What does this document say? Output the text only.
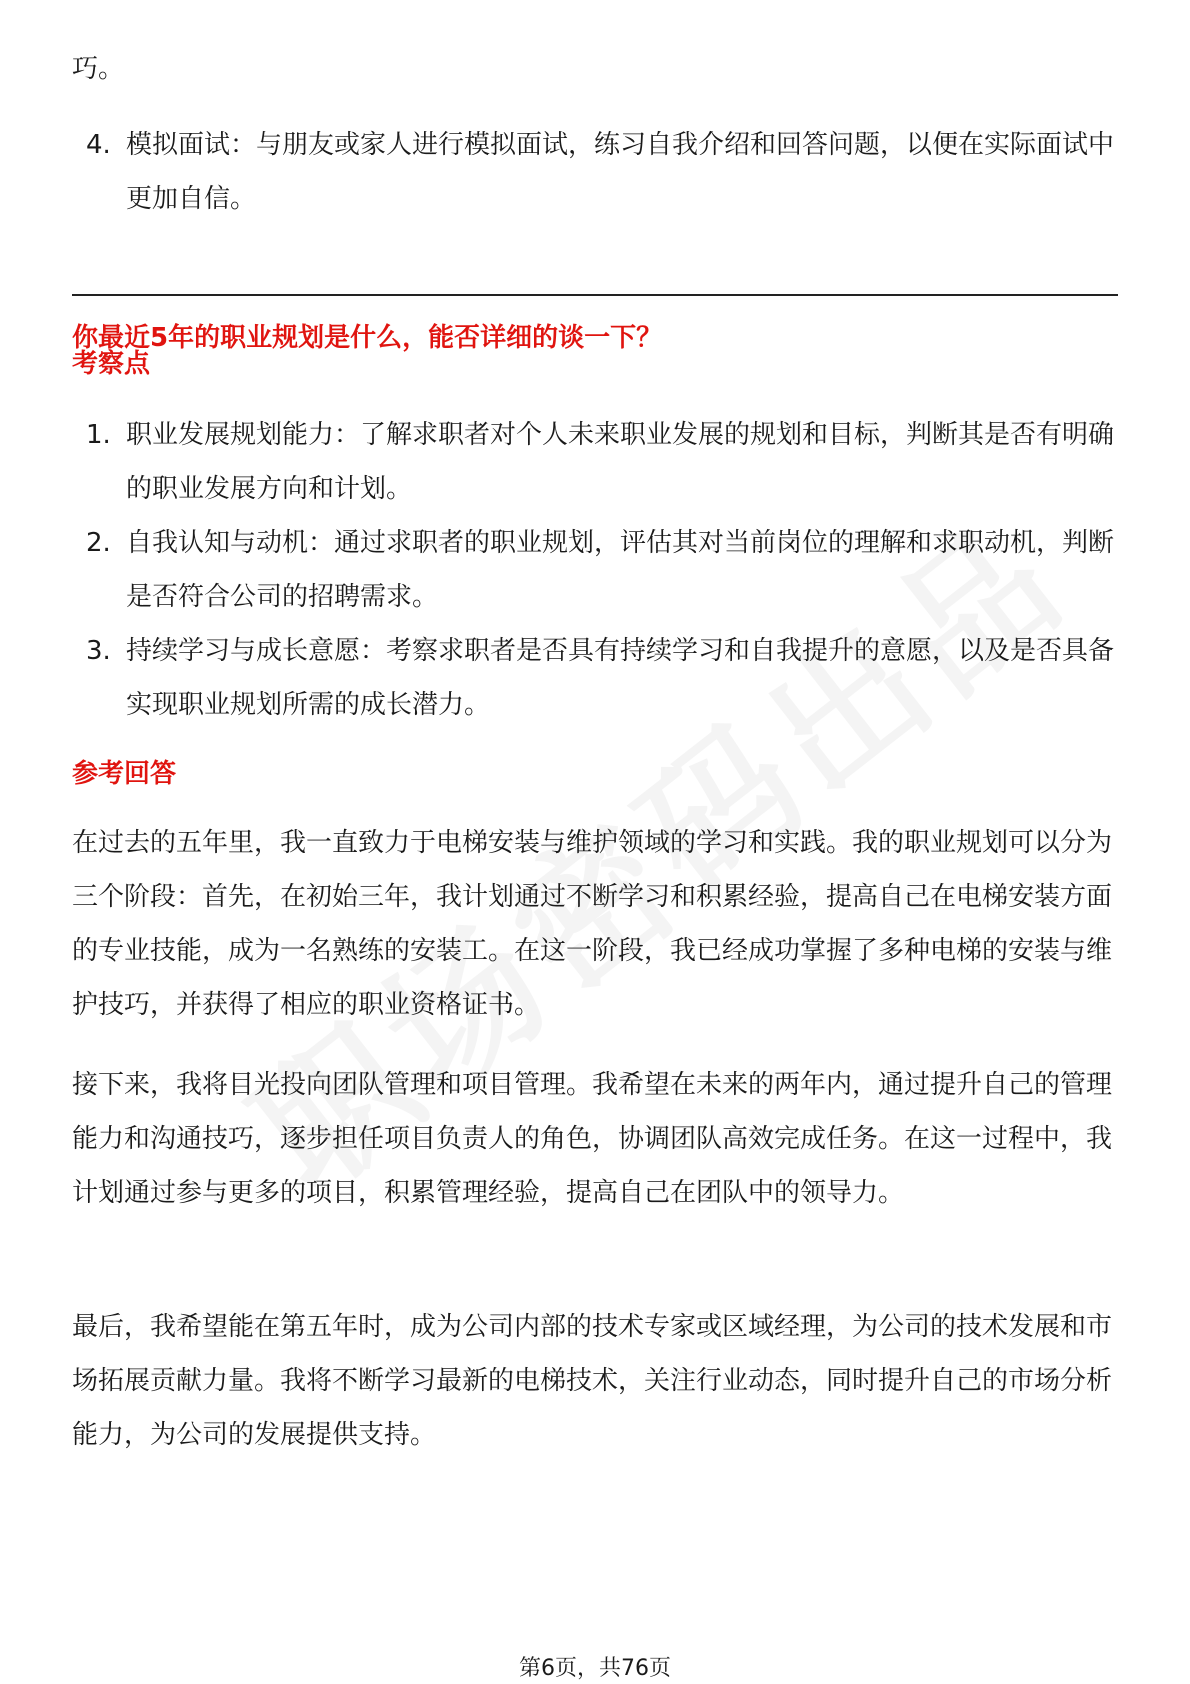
巧。

4. 模拟面试：与朋友或家人进行模拟面试，练习自我介绍和回答问题，以便在实际面试中更加自信。
你最近5年的职业规划是什么，能否详细的谈一下？
考察点
1. 职业发展规划能力：了解求职者对个人未来职业发展的规划和目标，判断其是否有明确的职业发展方向和计划。
2. 自我认知与动机：通过求职者的职业规划，评估其对当前岗位的理解和求职动机，判断是否符合公司的招聘需求。
3. 持续学习与成长意愿：考察求职者是否具有持续学习和自我提升的意愿，以及是否具备实现职业规划所需的成长潜力。
参考回答

在过去的五年里，我一直致力于电梯安装与维护领域的学习和实践。我的职业规划可以分为三个阶段：首先，在初始三年，我计划通过不断学习和积累经验，提高自己在电梯安装方面的专业技能，成为一名熟练的安装工。在这一阶段，我已经成功掌握了多种电梯的安装与维护技巧，并获得了相应的职业资格证书。

接下来，我将目光投向团队管理和项目管理。我希望在未来的两年内，通过提升自己的管理能力和沟通技巧，逐步担任项目负责人的角色，协调团队高效完成任务。在这一过程中，我计划通过参与更多的项目，积累管理经验，提高自己在团队中的领导力。

最后，我希望能在第五年时，成为公司内部的技术专家或区域经理，为公司的技术发展和市场拓展贡献力量。我将不断学习最新的电梯技术，关注行业动态，同时提升自己的市场分析能力，为公司的发展提供支持。

第6页，共76页
